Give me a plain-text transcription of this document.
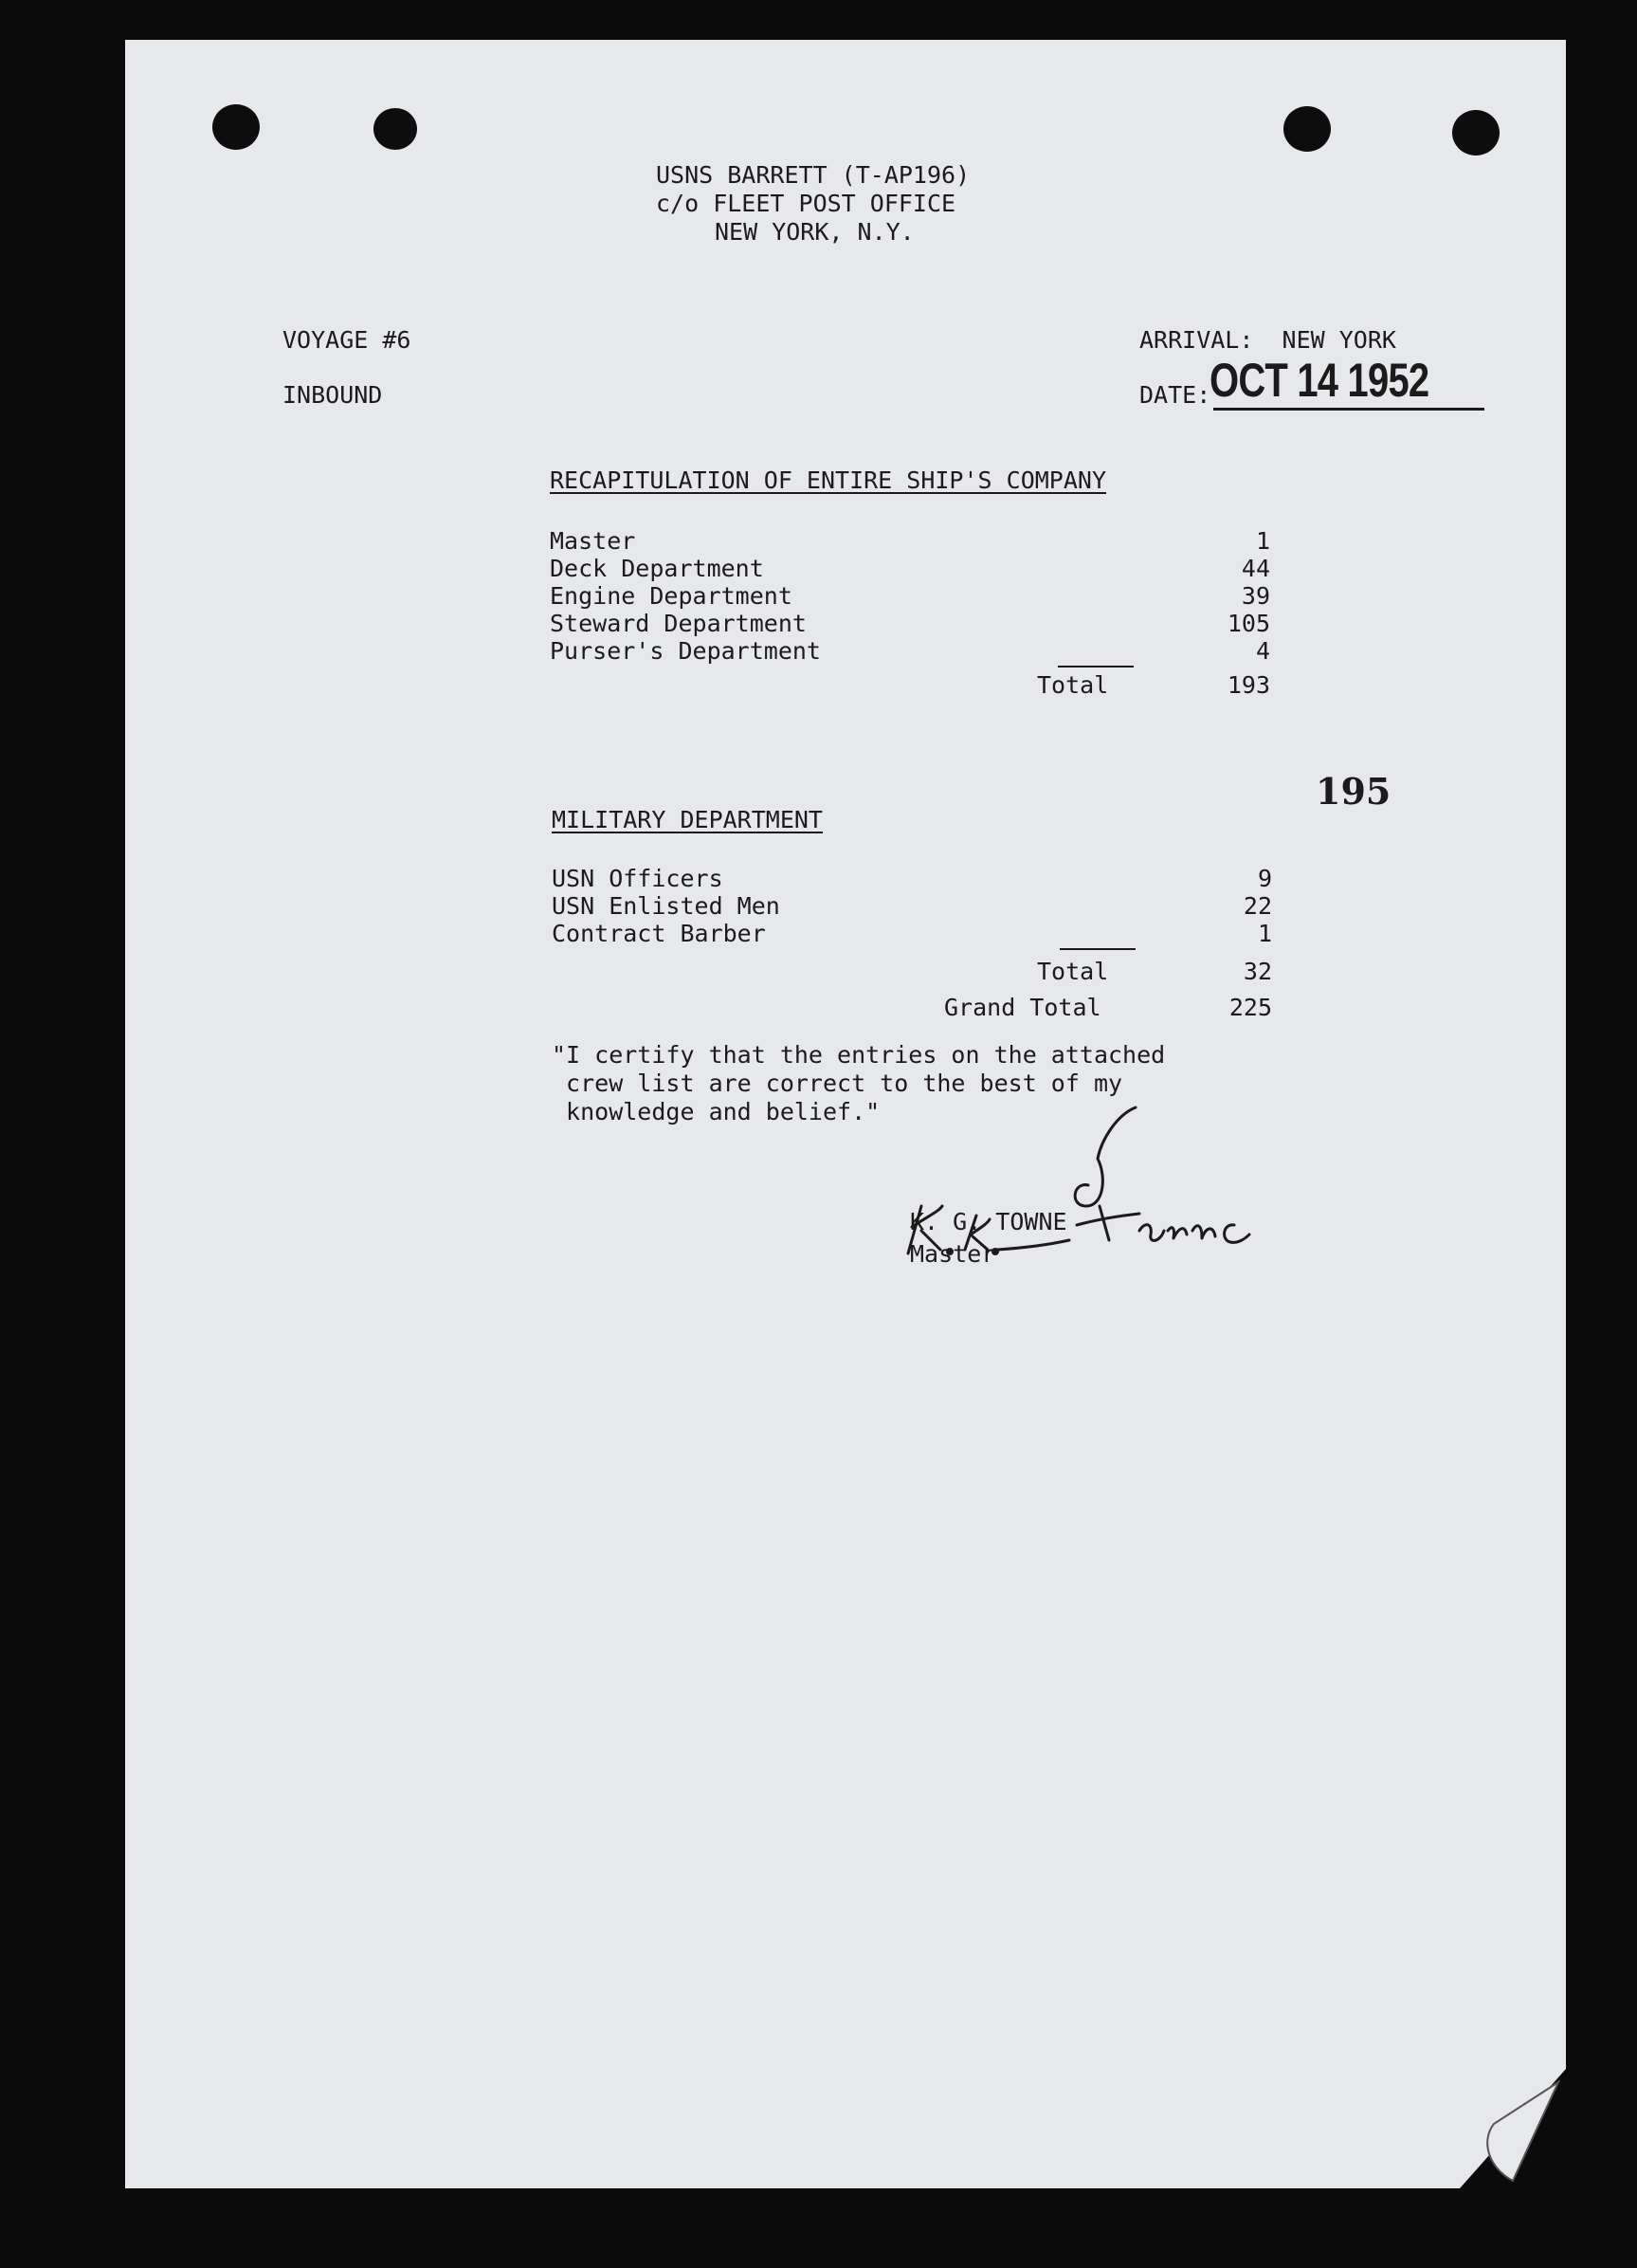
USNS BARRETT (T-AP196)
c/o FLEET POST OFFICE
NEW YORK, N.Y.
VOYAGE #6
INBOUND
ARRIVAL:  NEW YORK
DATE:
OCT 14 1952
RECAPITULATION OF ENTIRE SHIP'S COMPANY
Master	1
Deck Department	44
Engine Department	39
Steward Department	105
Purser's Department	4
Total	193
195
MILITARY DEPARTMENT
USN Officers	9
USN Enlisted Men	22
Contract Barber	1
Total	32
Grand Total	225
"I certify that the entries on the attached
crew list are correct to the best of my
knowledge and belief."
K. G. TOWNE
Master
